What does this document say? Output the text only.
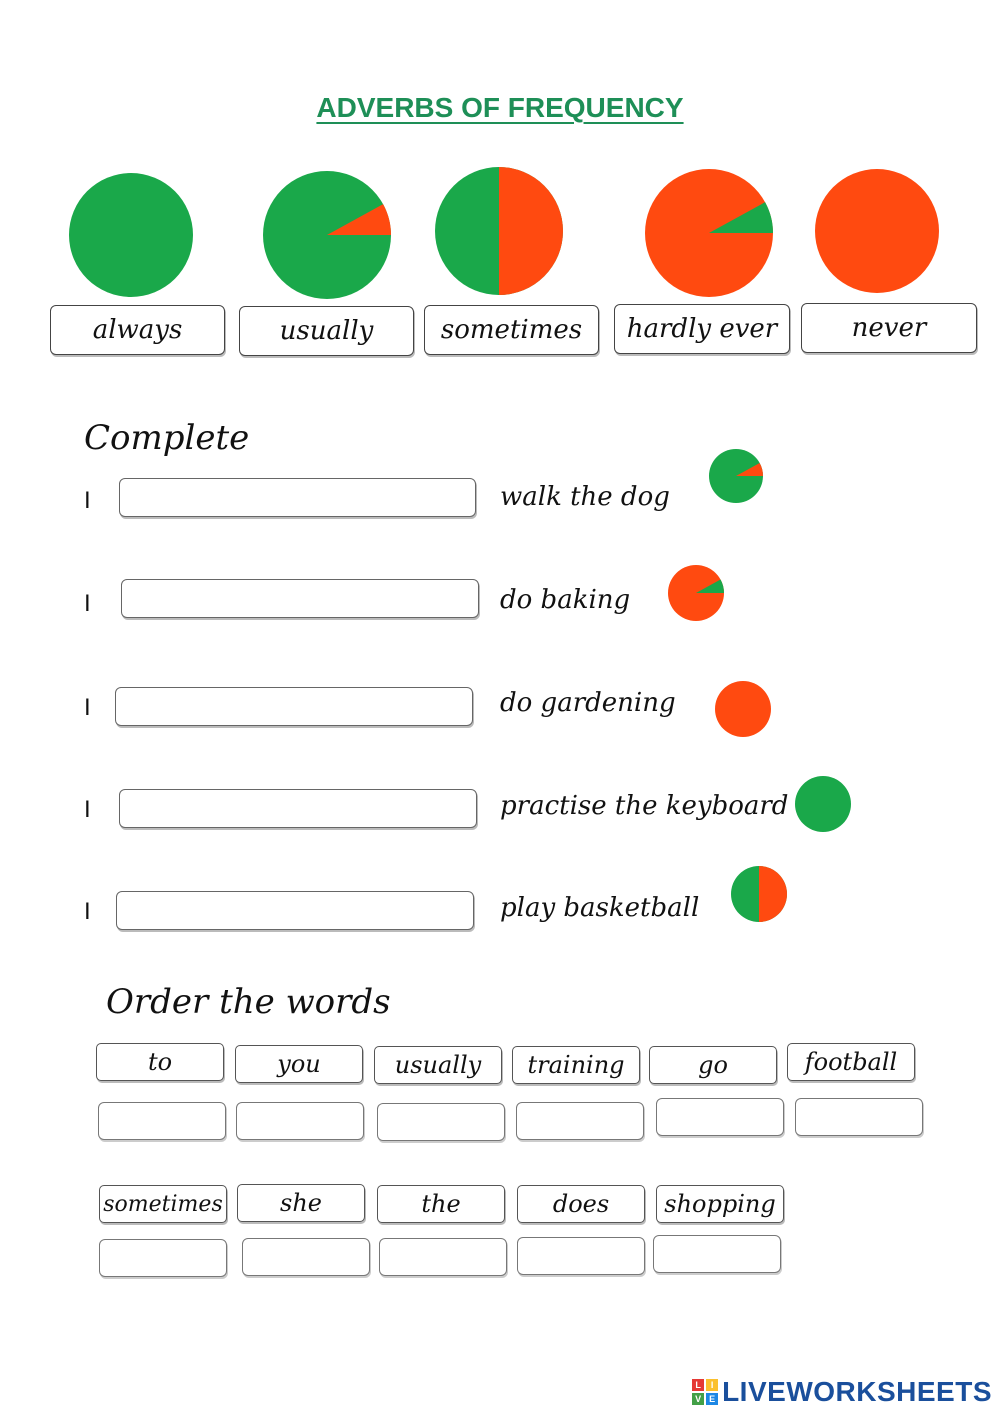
ADVERBS OF FREQUENCY
always	usually	sometimes	hardly ever	never
Complete
I	walk the dog
I	do baking
I	do gardening
I	practise the keyboard
I	play basketball
Order the words
to	you	usually	training	go	football
sometimes	she	the	does	shopping
L	I
V E LIVEWORKSHEETS
